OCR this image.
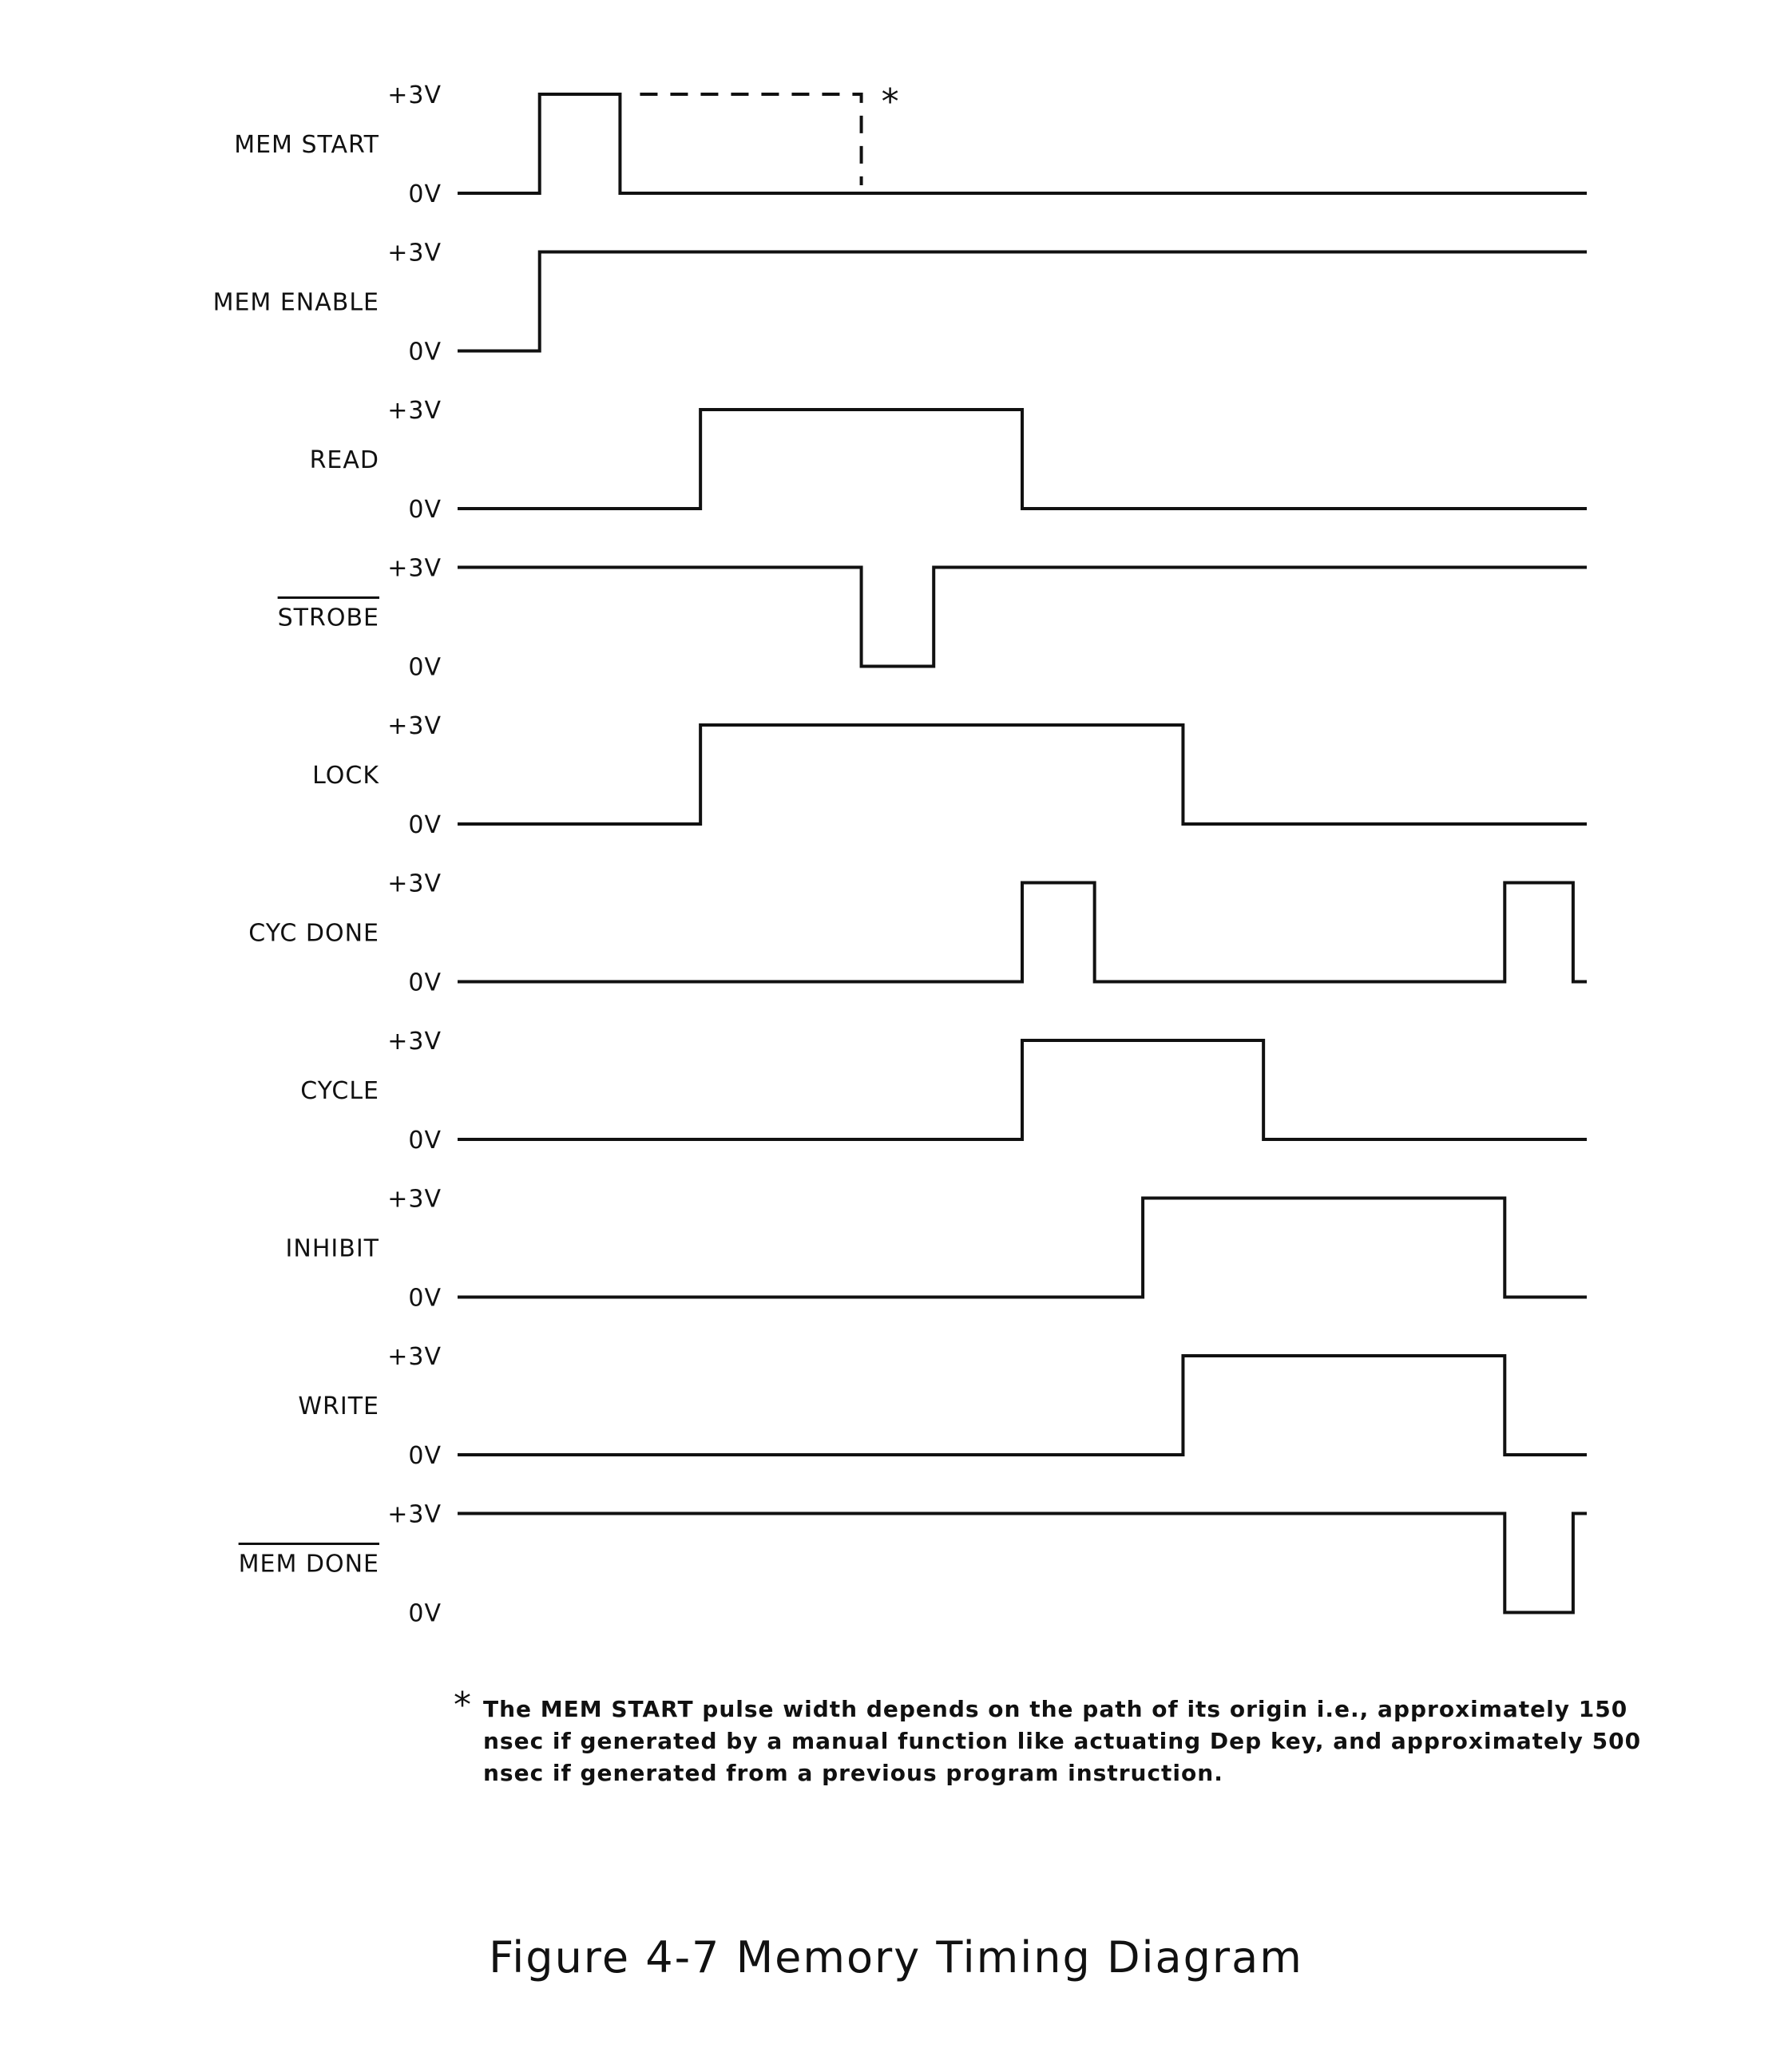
+3V
0V
MEM START
*
+3V
0V
MEM ENABLE
+3V
0V
READ
+3V
0V
STROBE
+3V
0V
LOCK
+3V
0V
CYC DONE
+3V
0V
CYCLE
+3V
0V
INHIBIT
+3V
0V
WRITE
+3V
0V
MEM DONE
* The MEM START pulse width depends on the path of its origin i.e., approximately 150
nsec if generated by a manual function like actuating Dep key, and approximately 500
nsec if generated from a previous program instruction.
Figure 4-7 Memory Timing Diagram
